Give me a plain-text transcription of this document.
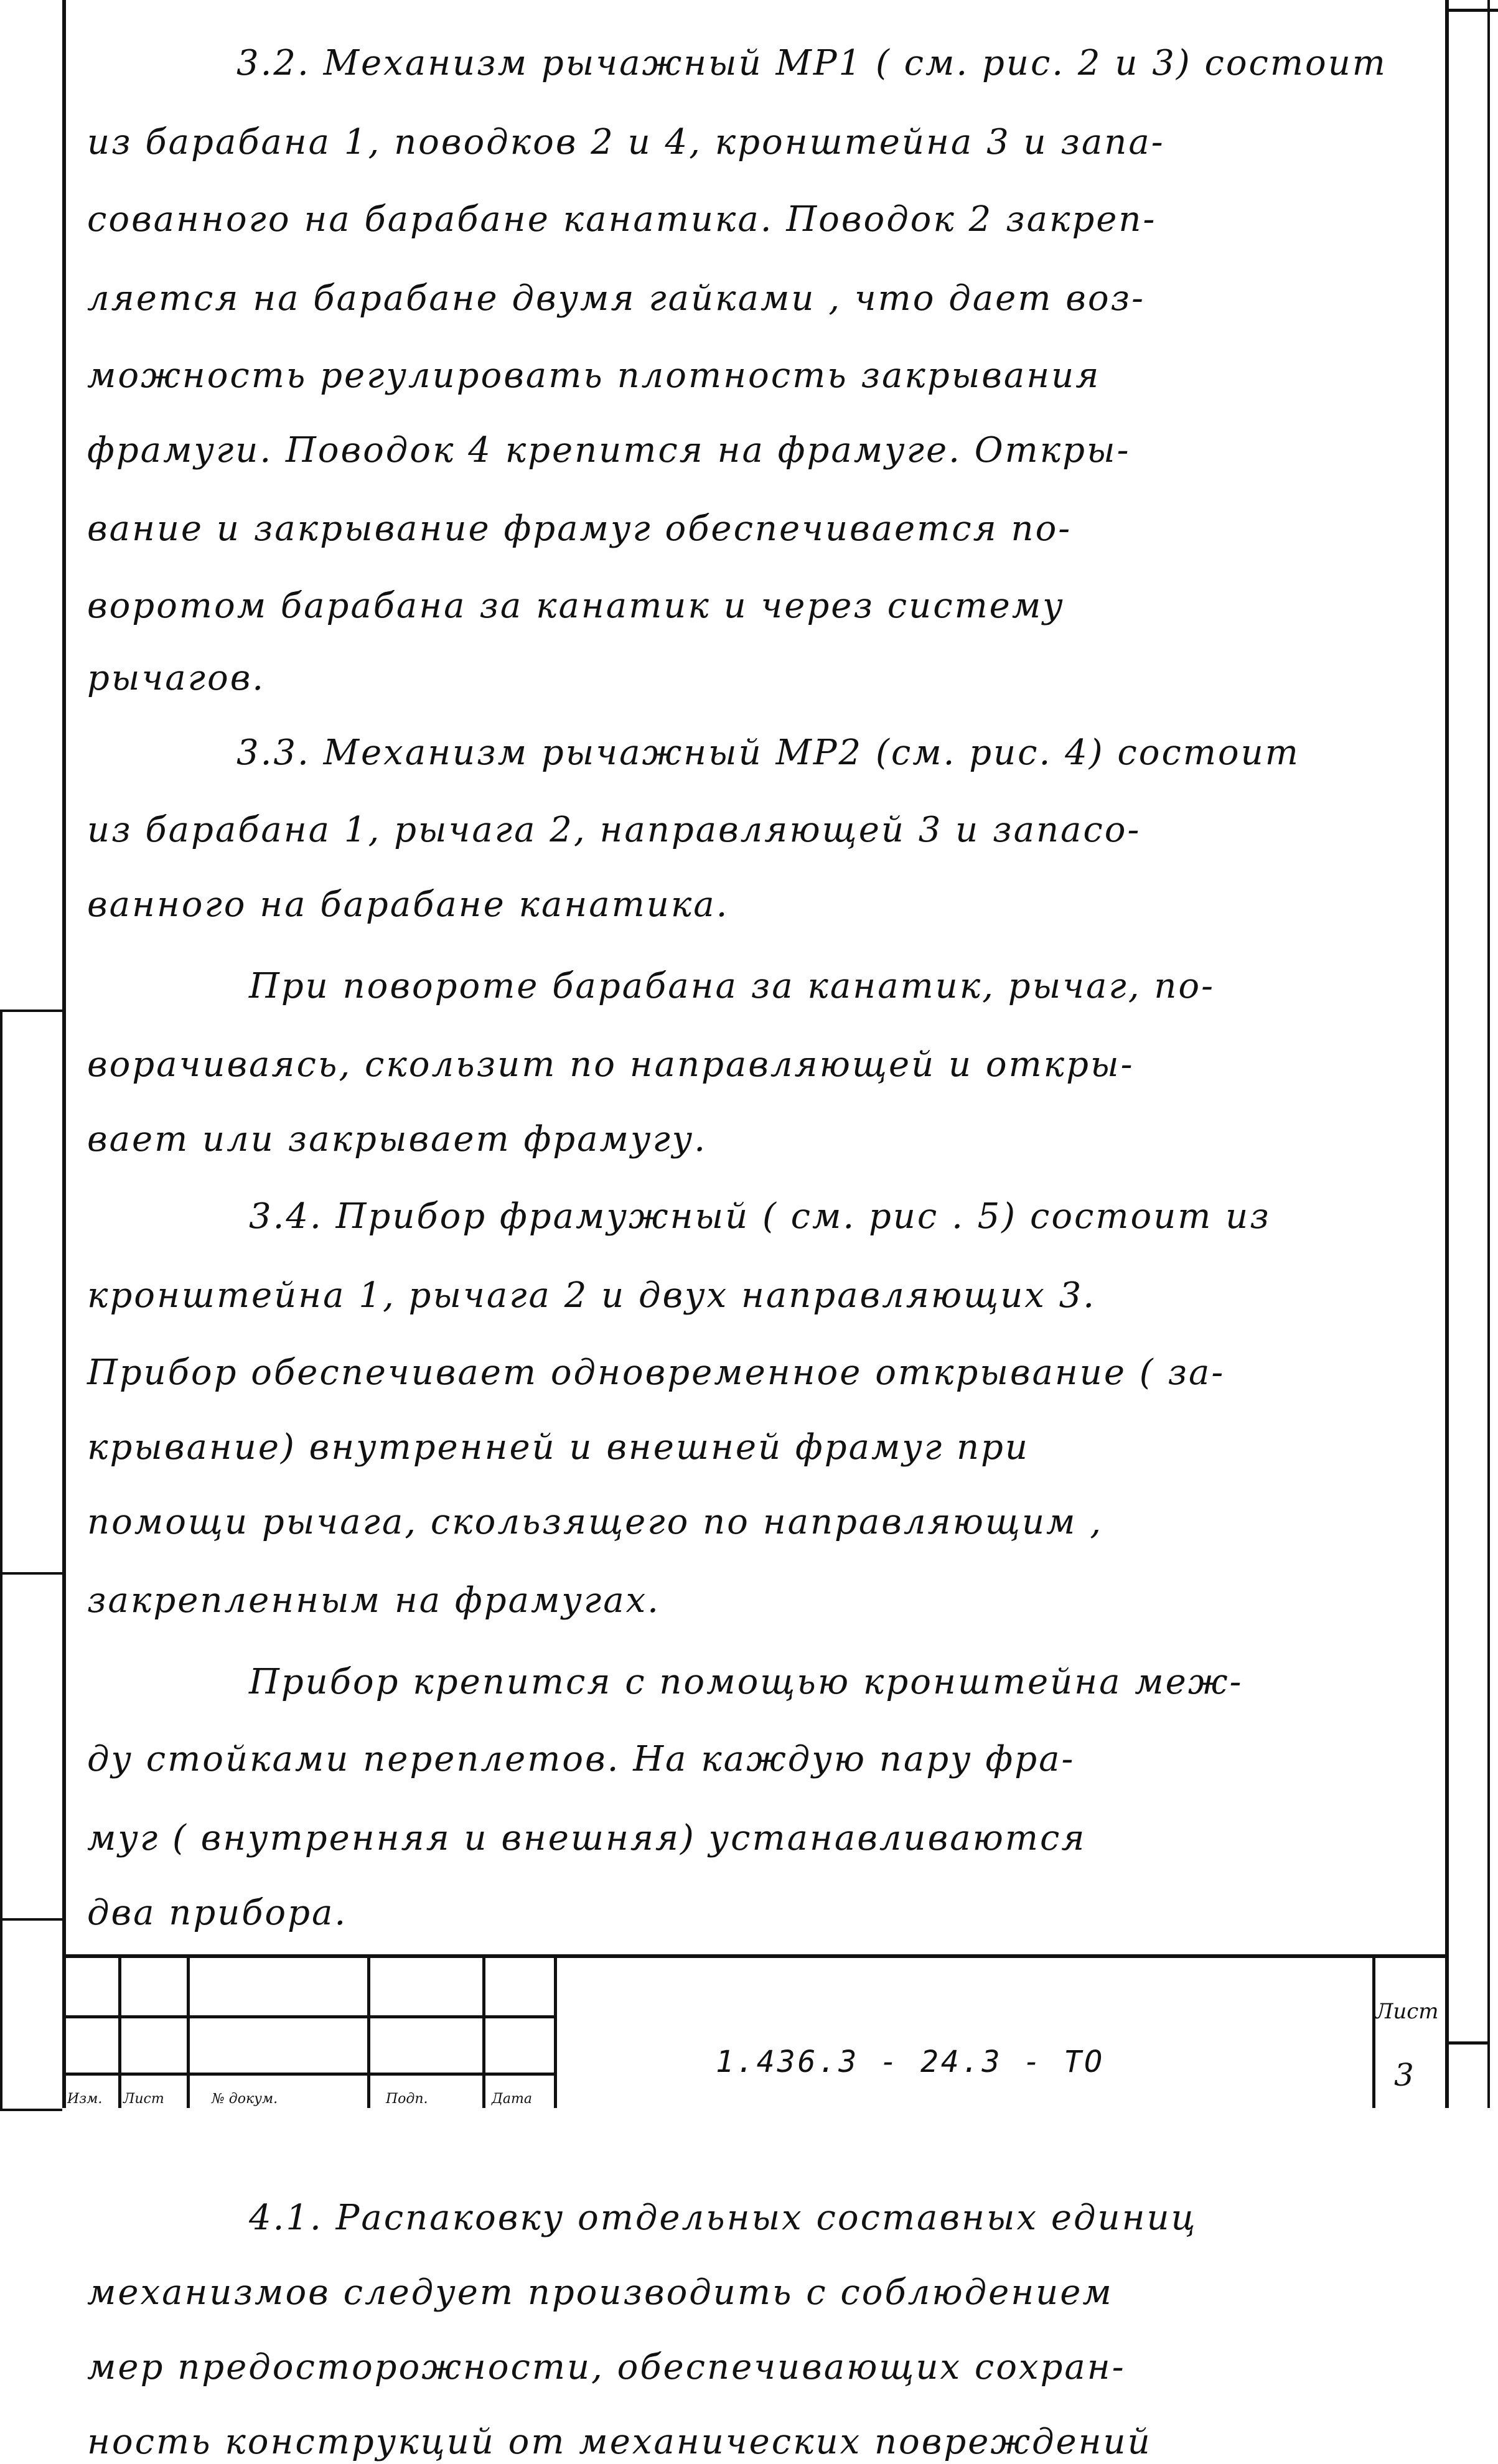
3.2. Механизм рычажный МР1 ( см. рис. 2 и 3) состоит
из барабана 1, поводков 2 и 4, кронштейна 3 и запа-
сованного на барабане канатика. Поводок 2 закреп-
ляется на барабане двумя гайками , что дает воз-
можность регулировать плотность закрывания
фрамуги. Поводок 4 крепится на фрамуге. Откры-
вание и закрывание фрамуг обеспечивается по-
воротом барабана за канатик и через систему
рычагов.
3.3. Механизм рычажный МР2 (см. рис. 4) состоит
из барабана 1, рычага 2, направляющей 3 и запасо-
ванного на барабане канатика.
При повороте барабана за канатик, рычаг, по-
ворачиваясь, скользит по направляющей и откры-
вает или закрывает фрамугу.
3.4. Прибор фрамужный ( см. рис . 5) состоит из
кронштейна 1, рычага 2 и двух направляющих 3.
Прибор обеспечивает одновременное открывание ( за-
крывание) внутренней и внешней фрамуг при
помощи рычага, скользящего по направляющим ,
закрепленным на фрамугах.
Прибор крепится с помощью кронштейна меж-
ду стойками переплетов. На каждую пару фра-
муг ( внутренняя и внешняя) устанавливаются
два прибора.
4.1. Распаковку отдельных составных единиц
механизмов следует производить с соблюдением
мер предосторожности, обеспечивающих сохран-
ность конструкций от механических повреждений
1.436.3 - 24.3 - ТО
Лист
3
Изм. Лист	№ докум.	Подп.	Дата
